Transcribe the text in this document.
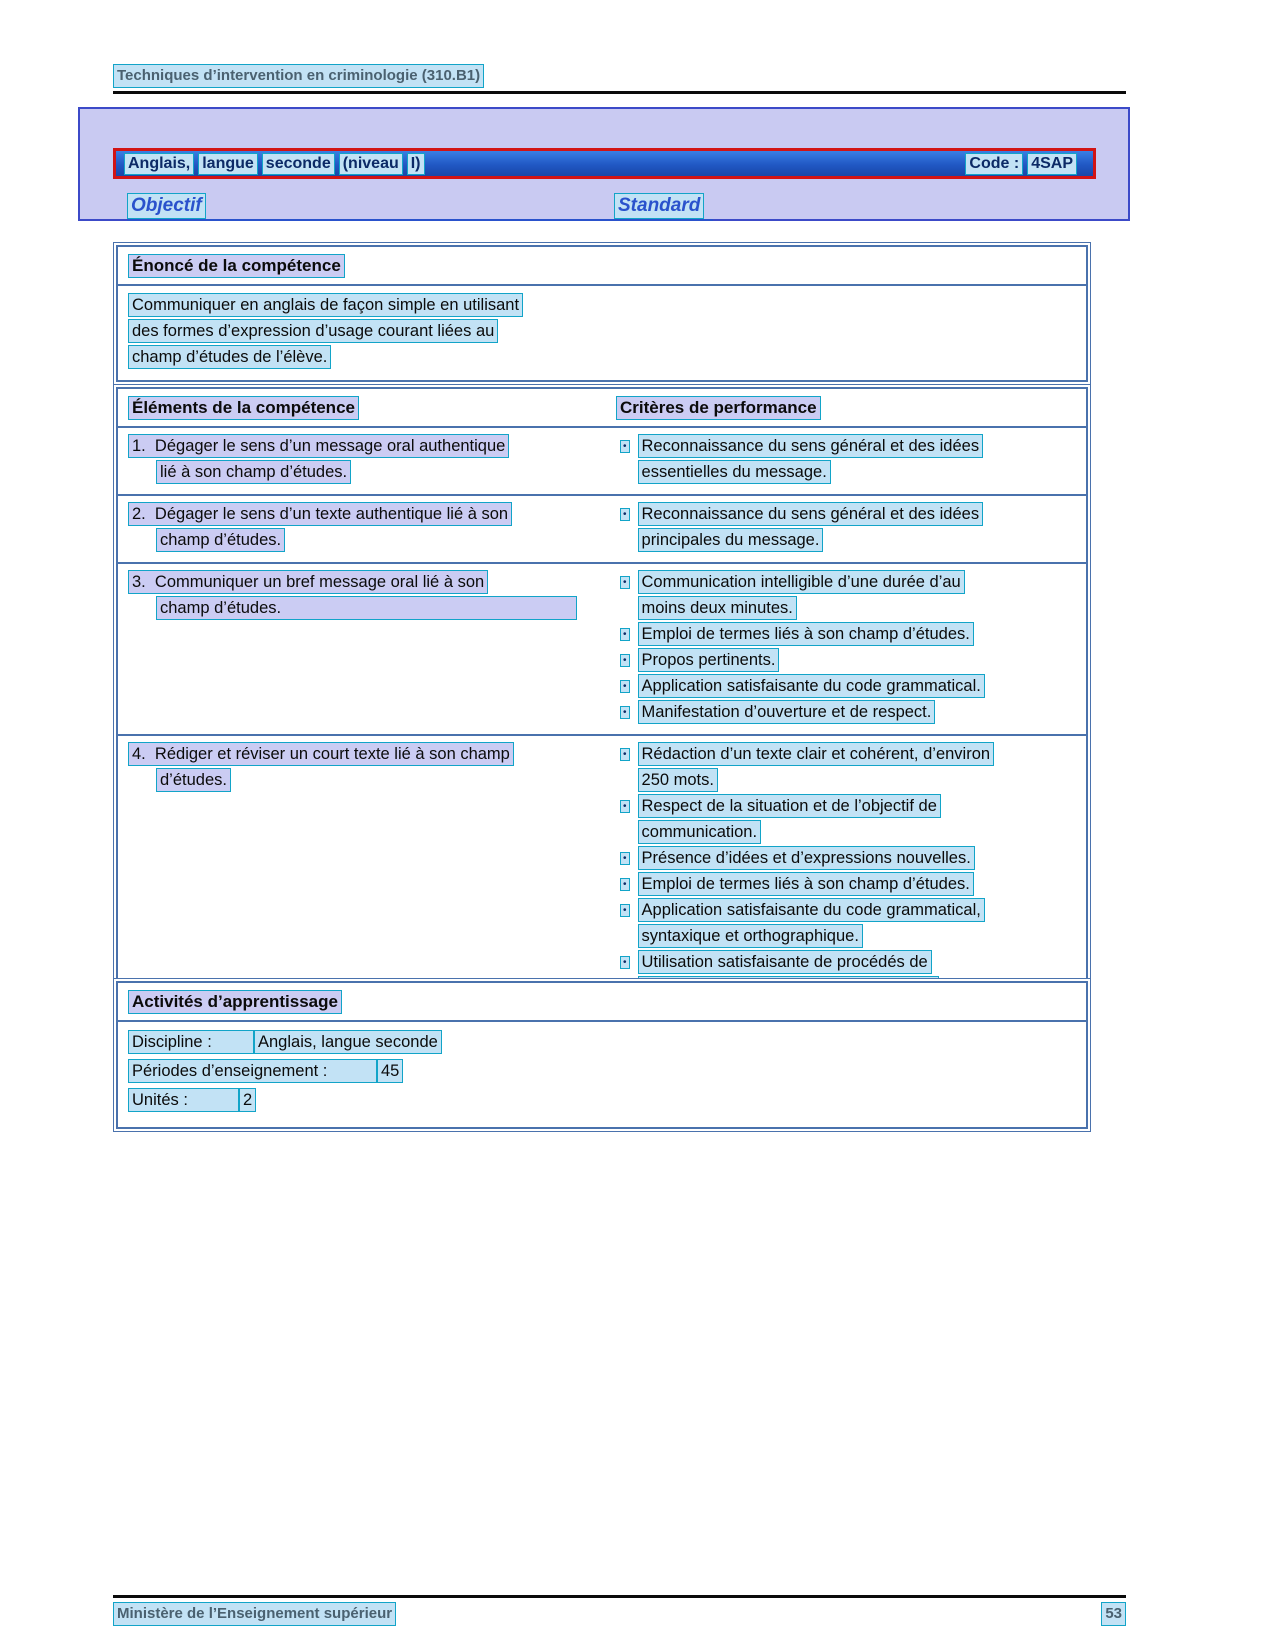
Techniques d’intervention en criminologie (310.B1)
Anglais, langue seconde (niveau I)	Code : 4SAP
Objectif	Standard
Énoncé de la compétence
Communiquer en anglais de façon simple en utilisant
des formes d’expression d’usage courant liées au
champ d’études de l’élève.
Éléments de la compétence	Critères de performance
1.  Dégager le sens d’un message oral authentique
lié à son champ d’études.
• Reconnaissance du sens général et des idées
essentielles du message.
2.  Dégager le sens d’un texte authentique lié à son
champ d’études.
• Reconnaissance du sens général et des idées
principales du message.
3.  Communiquer un bref message oral lié à son
champ d’études.
• Communication intelligible d’une durée d’au
moins deux minutes.
• Emploi de termes liés à son champ d’études.
• Propos pertinents.
• Application satisfaisante du code grammatical.
• Manifestation d’ouverture et de respect.
4.  Rédiger et réviser un court texte lié à son champ
d’études.
• Rédaction d’un texte clair et cohérent, d’environ
250 mots.
• Respect de la situation et de l’objectif de
communication.
• Présence d’idées et d’expressions nouvelles.
• Emploi de termes liés à son champ d’études.
• Application satisfaisante du code grammatical,
syntaxique et orthographique.
• Utilisation satisfaisante de procédés de
Activités d’apprentissage
Discipline :	Anglais, langue seconde
Périodes d’enseignement :	45
Unités :	2
Ministère de l’Enseignement supérieur	53
